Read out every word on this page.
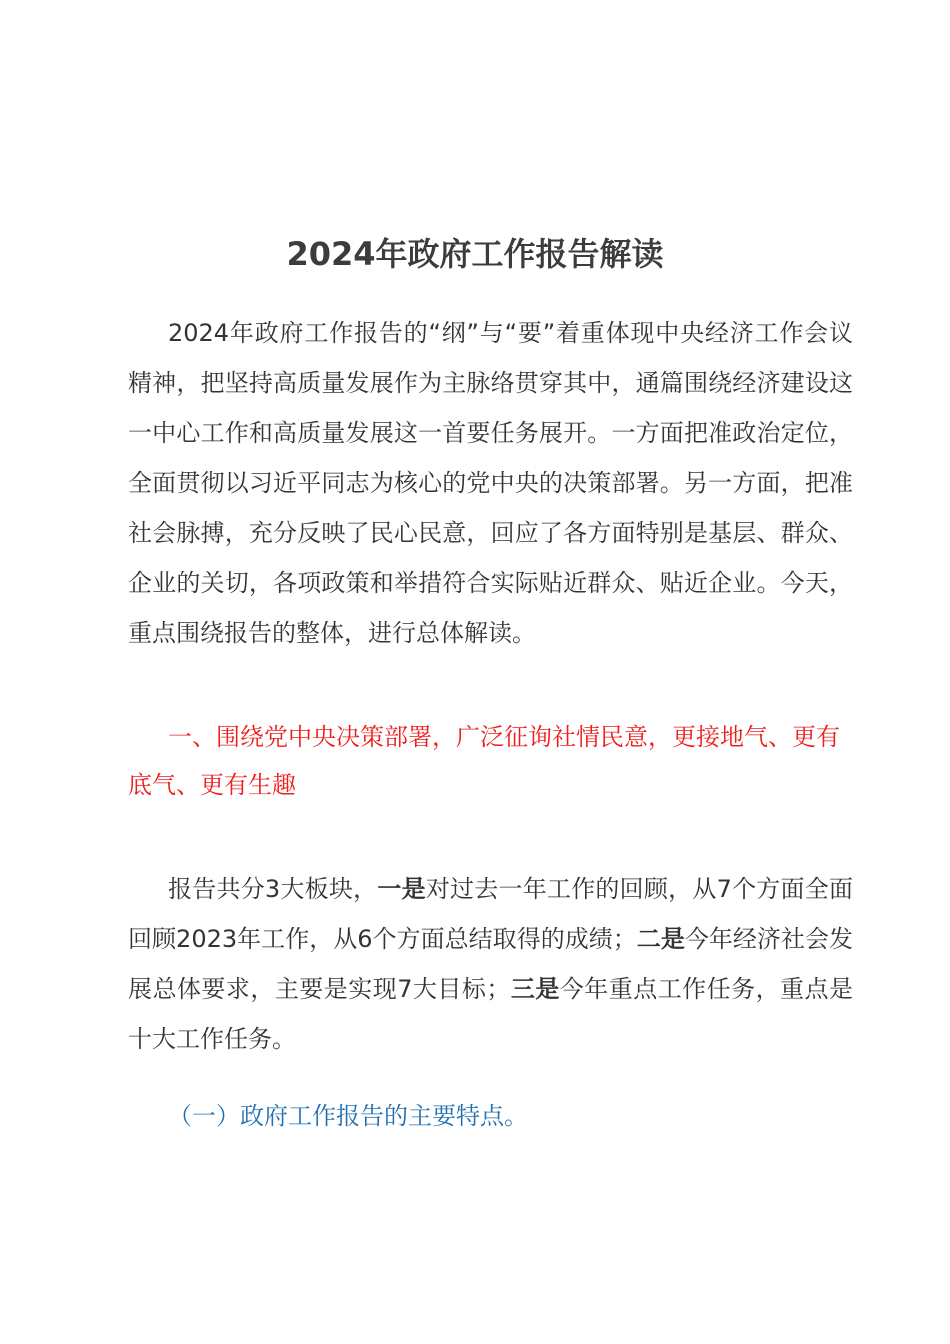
2024年政府工作报告解读

2024年政府工作报告的“纲”与“要”着重体现中央经济工作会议精神，把坚持高质量发展作为主脉络贯穿其中，通篇围绕经济建设这一中心工作和高质量发展这一首要任务展开。一方面把准政治定位，全面贯彻以习近平同志为核心的党中央的决策部署。另一方面，把准社会脉搏，充分反映了民心民意，回应了各方面特别是基层、群众、企业的关切，各项政策和举措符合实际贴近群众、贴近企业。今天，重点围绕报告的整体，进行总体解读。

一、围绕党中央决策部署，广泛征询社情民意，更接地气、更有底气、更有生趣

报告共分3大板块，一是对过去一年工作的回顾，从7个方面全面回顾2023年工作，从6个方面总结取得的成绩；二是今年经济社会发展总体要求，主要是实现7大目标；三是今年重点工作任务，重点是十大工作任务。

（一）政府工作报告的主要特点。
